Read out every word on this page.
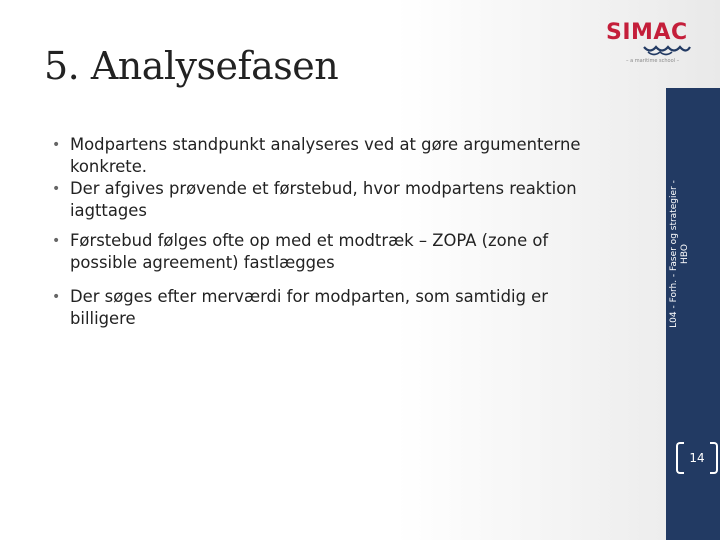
5. Analysefasen
SIMAC
– a maritime school –
• Modpartens standpunkt analyseres ved at gøre argumenterne
konkrete.
• Der afgives prøvende et førstebud, hvor modpartens reaktion
iagttages
• Førstebud følges ofte op med et modtræk – ZOPA (zone of
possible agreement) fastlægges
• Der søges efter merværdi for modparten, som samtidig er
billigere	L04 - Forh. - Faser og strategier - HBO
14
